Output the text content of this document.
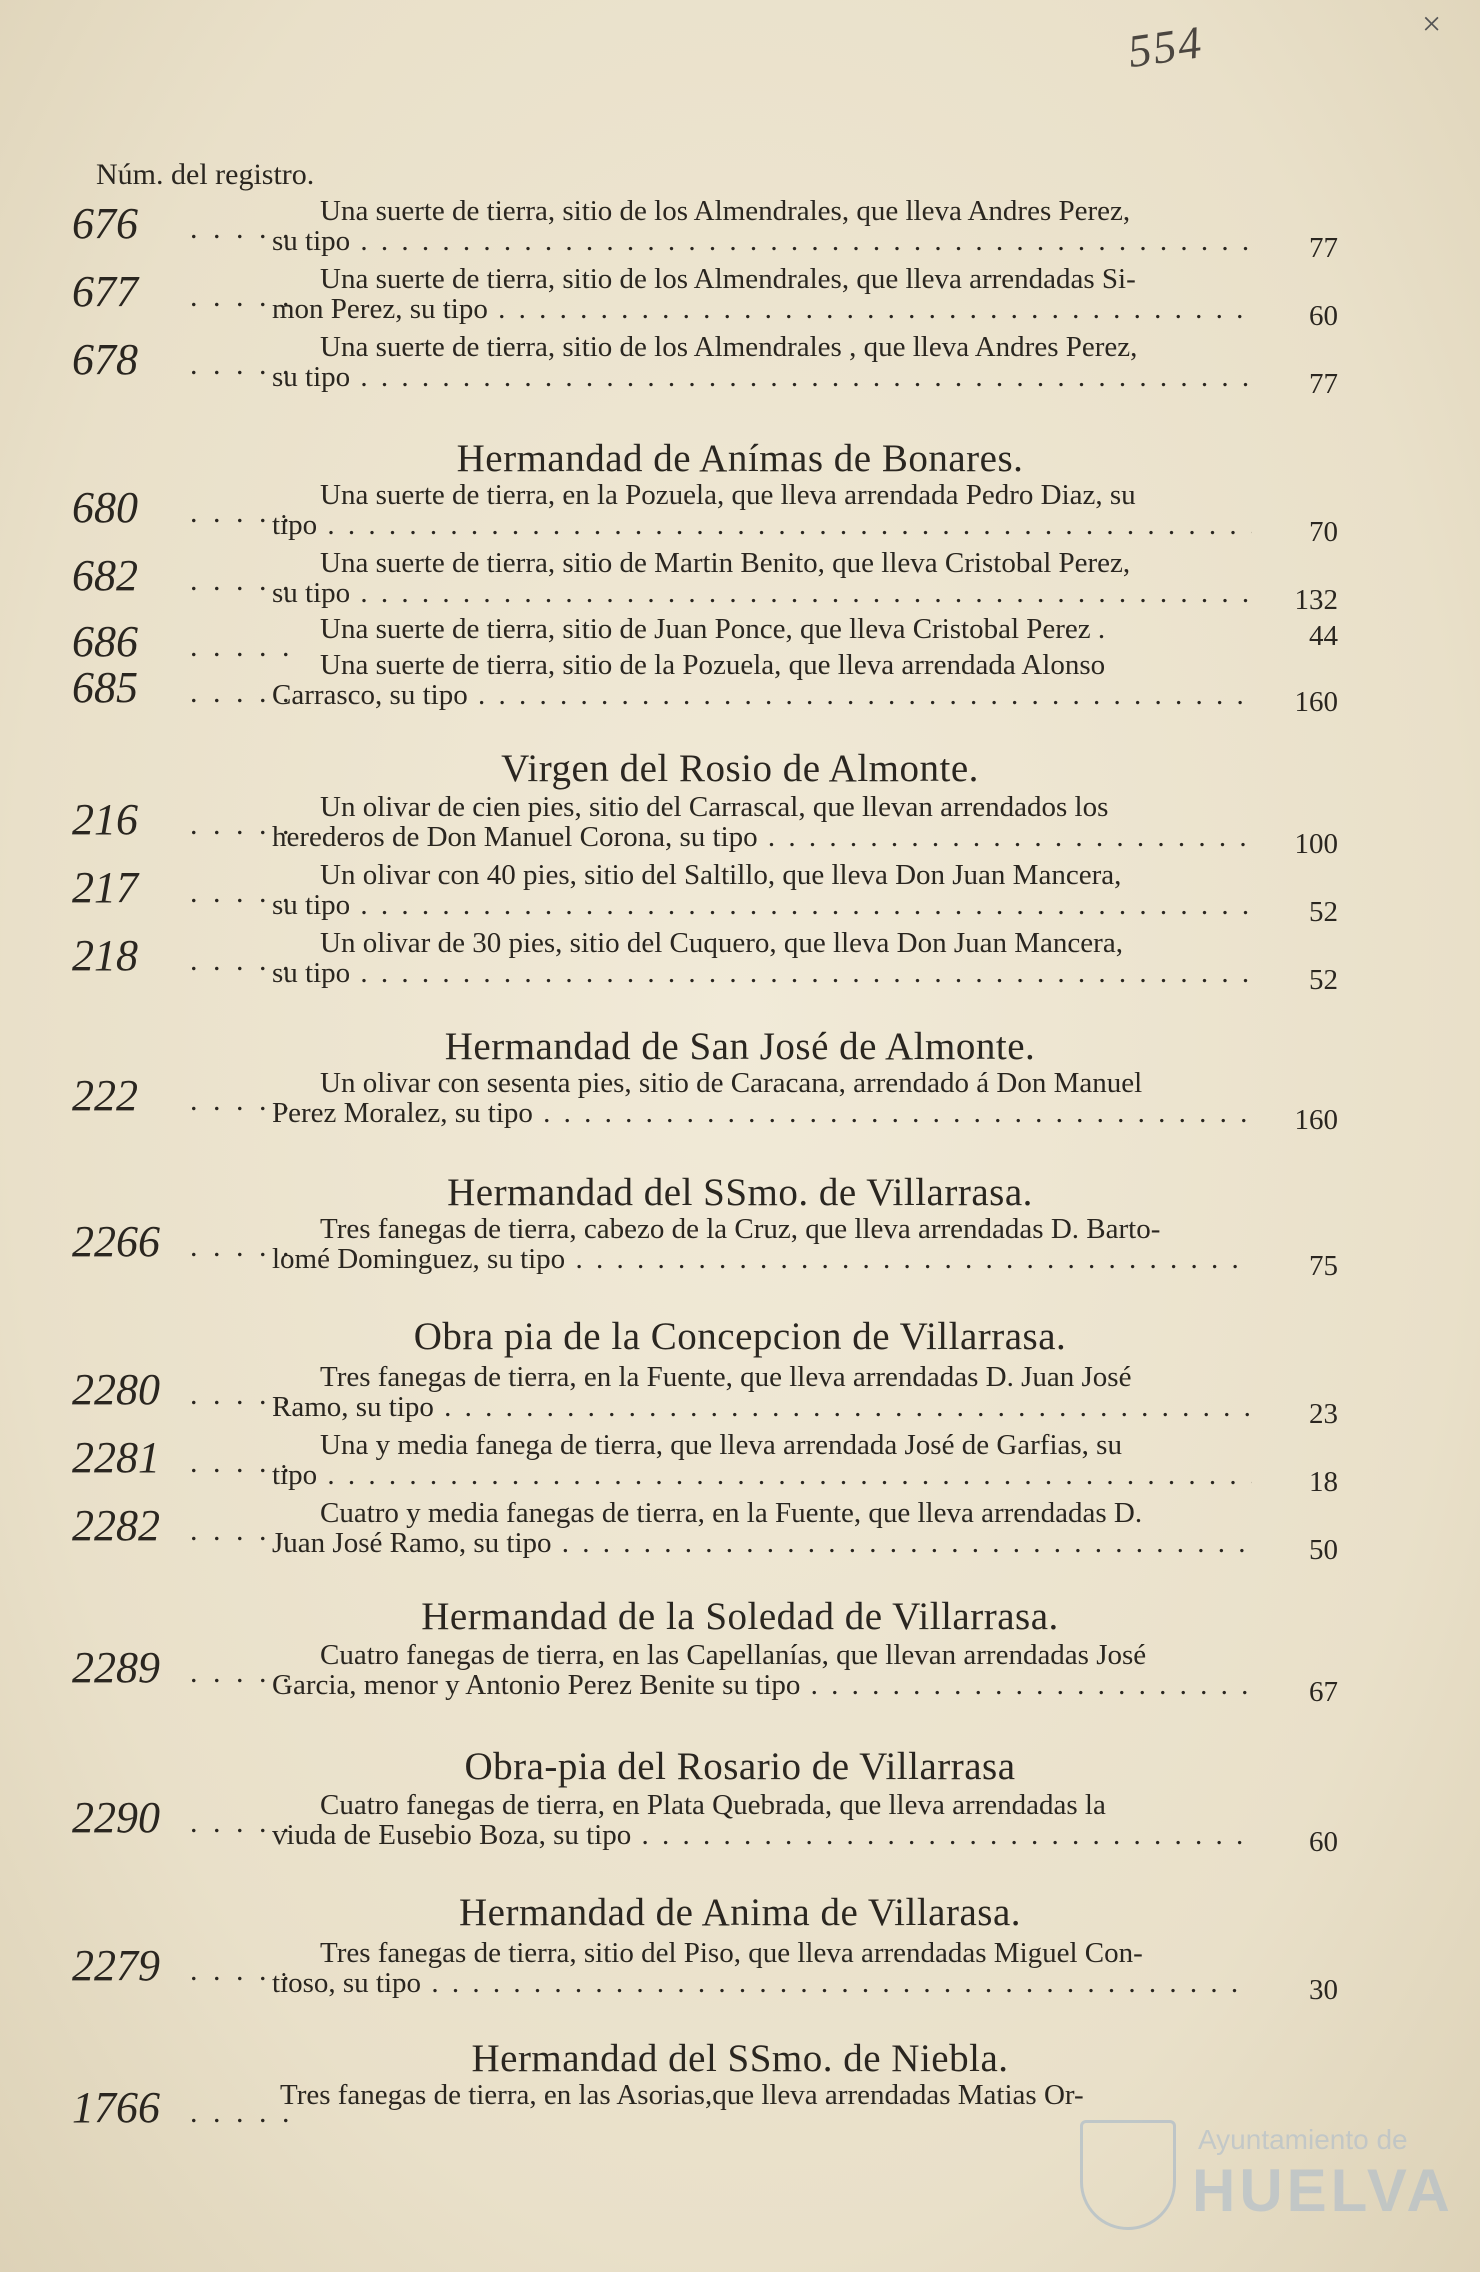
554	×
Núm. del registro.
676 . . . . .
Una suerte de tierra, sitio de los Almendrales, que lleva Andres Perez,
su tipo . . .	77
677 . . . . .
Una suerte de tierra, sitio de los Almendrales, que lleva arrendadas Si-
mon Perez, su tipo . . .	60
678 . . . . .
Una suerte de tierra, sitio de los Almendrales , que lleva Andres Perez,
su tipo . . .	77
Hermandad de Anímas de Bonares.
680 . . . . .
Una suerte de tierra, en la Pozuela, que lleva arrendada Pedro Diaz, su
tipo . . .	70
682 . . . . .
Una suerte de tierra, sitio de Martin Benito, que lleva Cristobal Perez,
su tipo . . .	132
686 . . . . .
Una suerte de tierra, sitio de Juan Ponce, que lleva Cristobal Perez .	44
685 . . . . .
Una suerte de tierra, sitio de la Pozuela, que lleva arrendada Alonso
Carrasco, su tipo . . .	160
Virgen del Rosio de Almonte.
216 . . . . .
Un olivar de cien pies, sitio del Carrascal, que llevan arrendados los
herederos de Don Manuel Corona, su tipo . . .	100
217 . . . . .
Un olivar con 40 pies, sitio del Saltillo, que lleva Don Juan Mancera,
su tipo . . .	52
218 . . . . .
Un olivar de 30 pies, sitio del Cuquero, que lleva Don Juan Mancera,
su tipo . . .	52
Hermandad de San José de Almonte.
222 . . . . .
Un olivar con sesenta pies, sitio de Caracana, arrendado á Don Manuel
Perez Moralez, su tipo . . .	160
Hermandad del SSmo. de Villarrasa.
2266 . . . . .
Tres fanegas de tierra, cabezo de la Cruz, que lleva arrendadas D. Barto-
lomé Dominguez, su tipo . . .	75
Obra pia de la Concepcion de Villarrasa.
2280 . . . . .
Tres fanegas de tierra, en la Fuente, que lleva arrendadas D. Juan José
Ramo, su tipo . . .	23
2281 . . . . .
Una y media fanega de tierra, que lleva arrendada José de Garfias, su
tipo . . .	18
2282 . . . . .
Cuatro y media fanegas de tierra, en la Fuente, que lleva arrendadas D.
Juan José Ramo, su tipo . . .	50
Hermandad de la Soledad de Villarrasa.
2289 . . . . .
Cuatro fanegas de tierra, en las Capellanías, que llevan arrendadas José
Garcia, menor y Antonio Perez Benite su tipo . . .	67
Obra-pia del Rosario de Villarrasa
2290 . . . . .
Cuatro fanegas de tierra, en Plata Quebrada, que lleva arrendadas la
viuda de Eusebio Boza, su tipo . . .	60
Hermandad de Anima de Villarasa.
2279 . . . . .
Tres fanegas de tierra, sitio del Piso, que lleva arrendadas Miguel Con-
tioso, su tipo . . .	30
Hermandad del SSmo. de Niebla.
1766 . . . . .
Tres fanegas de tierra, en las Asorias,que lleva arrendadas Matias Or-
Ayuntamiento de
HUELVA
